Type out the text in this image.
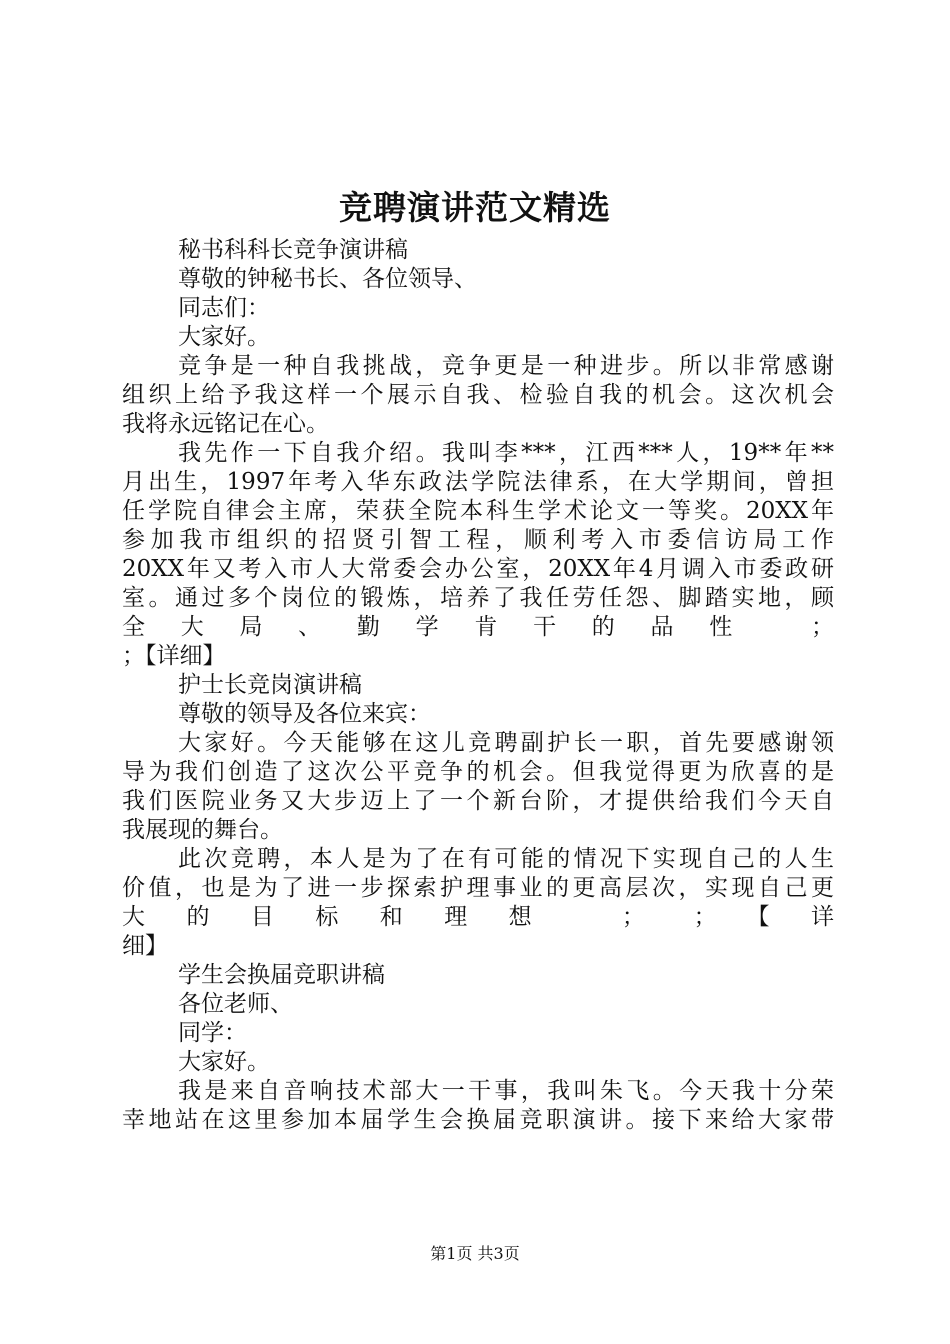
竞聘演讲范文精选
秘书科科长竞争演讲稿
尊敬的钟秘书长、各位领导、
同志们：
大家好。
竞争是一种自我挑战，竞争更是一种进步。所以非常感谢
组织上给予我这样一个展示自我、检验自我的机会。这次机会
我将永远铭记在心。
我先作一下自我介绍。我叫李***，江西***人，19**年**
月出生，1997年考入华东政法学院法律系，在大学期间，曾担
任学院自律会主席，荣获全院本科生学术论文一等奖。20XX年
参加我市组织的招贤引智工程，顺利考入市委信访局工作
20XX年又考入市人大常委会办公室，20XX年4月调入市委政研
室。通过多个岗位的锻炼，培养了我任劳任怨、脚踏实地，顾
全大局、勤学肯干的品性 ；
；【详细】
护士长竞岗演讲稿
尊敬的领导及各位来宾：
大家好。今天能够在这儿竞聘副护长一职，首先要感谢领
导为我们创造了这次公平竞争的机会。但我觉得更为欣喜的是
我们医院业务又大步迈上了一个新台阶，才提供给我们今天自
我展现的舞台。
此次竞聘，本人是为了在有可能的情况下实现自己的人生
价值，也是为了进一步探索护理事业的更高层次，实现自己更
大的目标和理想 ； ；【详
细】
学生会换届竞职讲稿
各位老师、
同学：
大家好。
我是来自音响技术部大一干事，我叫朱飞。今天我十分荣
幸地站在这里参加本届学生会换届竞职演讲。接下来给大家带
第1页 共3页
